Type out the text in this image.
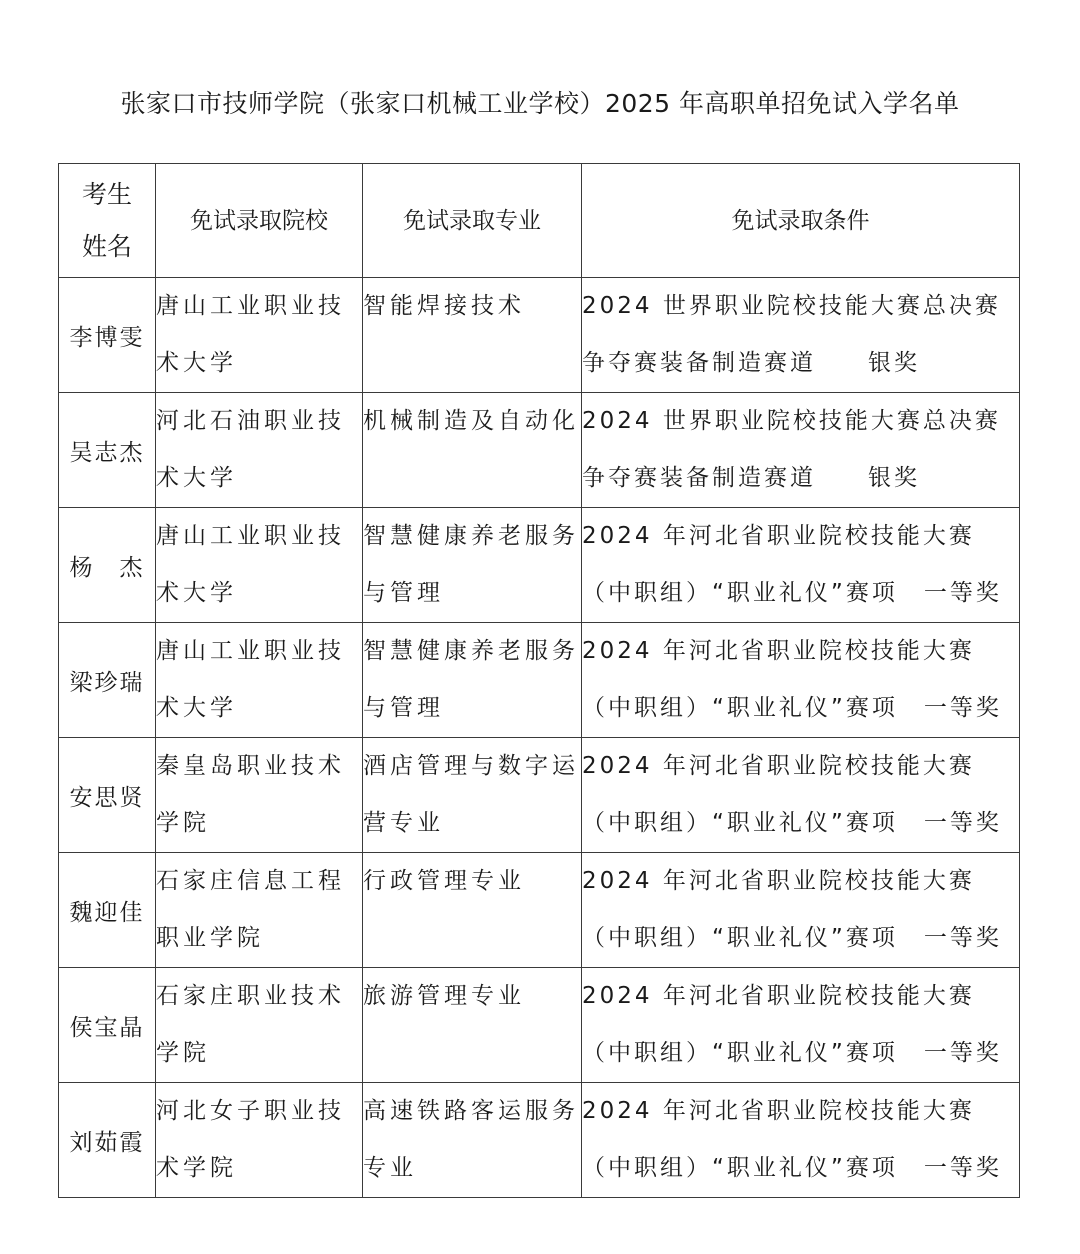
张家口市技师学院（张家口机械工业学校）2025 年高职单招免试入学名单
考生
姓名	免试录取院校	免试录取专业	免试录取条件
李博雯	唐山工业职业技术大学	智能焊接技术	2024 世界职业院校技能大赛总决赛争夺赛装备制造赛道　　银奖
吴志杰	河北石油职业技术大学	机械制造及自动化	2024 世界职业院校技能大赛总决赛争夺赛装备制造赛道　　银奖
杨　杰	唐山工业职业技术大学	智慧健康养老服务与管理	2024 年河北省职业院校技能大赛（中职组）“职业礼仪”赛项　一等奖
梁珍瑞	唐山工业职业技术大学	智慧健康养老服务与管理	2024 年河北省职业院校技能大赛（中职组）“职业礼仪”赛项　一等奖
安思贤	秦皇岛职业技术学院	酒店管理与数字运营专业	2024 年河北省职业院校技能大赛（中职组）“职业礼仪”赛项　一等奖
魏迎佳	石家庄信息工程职业学院	行政管理专业	2024 年河北省职业院校技能大赛（中职组）“职业礼仪”赛项　一等奖
侯宝晶	石家庄职业技术学院	旅游管理专业	2024 年河北省职业院校技能大赛（中职组）“职业礼仪”赛项　一等奖
刘茹霞	河北女子职业技术学院	高速铁路客运服务专业	2024 年河北省职业院校技能大赛（中职组）“职业礼仪”赛项　一等奖
